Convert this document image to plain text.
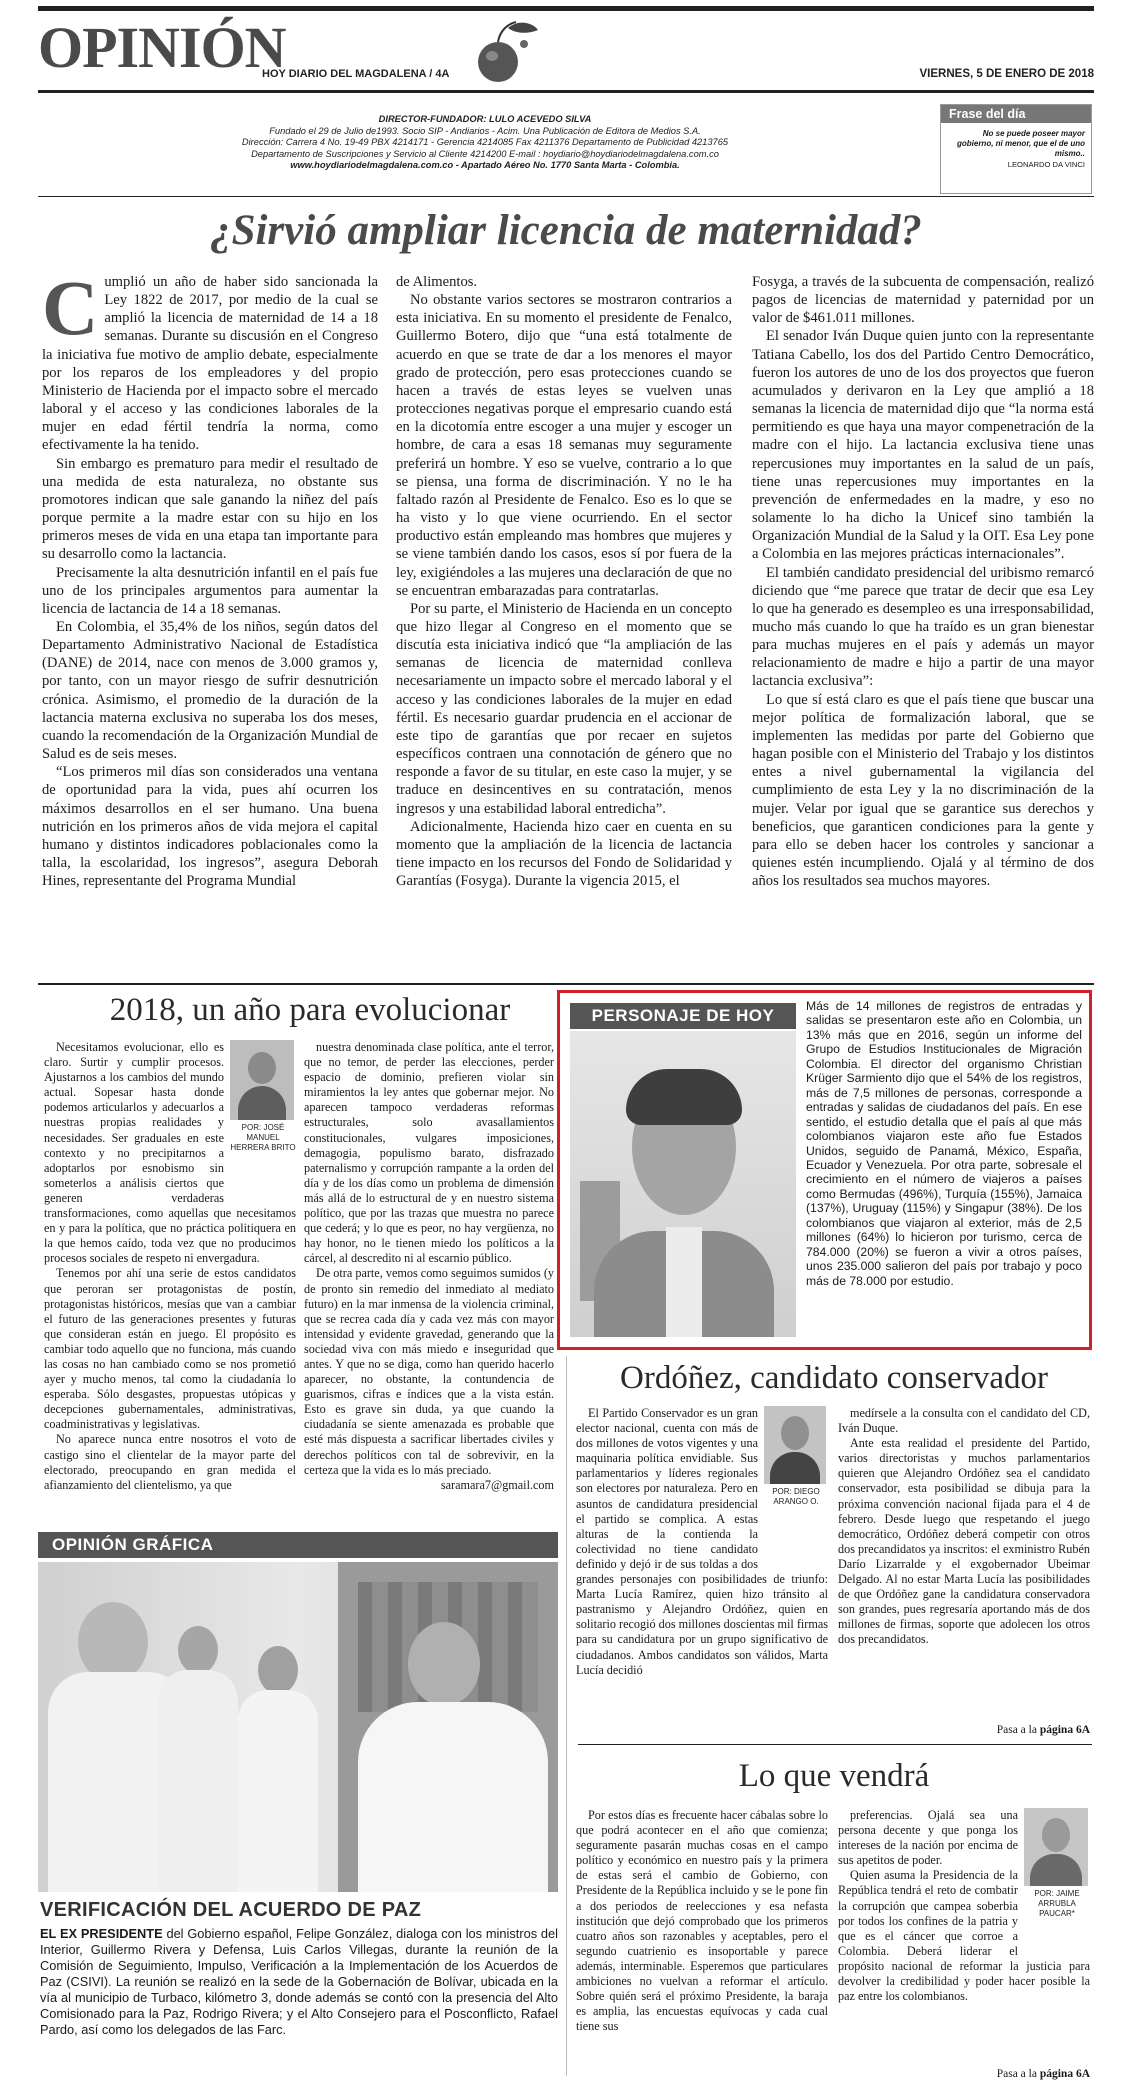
OPINIÓN
HOY DIARIO DEL MAGDALENA / 4A	VIERNES, 5 DE ENERO DE 2018
DIRECTOR-FUNDADOR: LULO ACEVEDO SILVA
Fundado el 29 de Julio de1993. Socio SIP - Andiarios - Acim. Una Publicación de Editora de Medios S.A.
Dirección: Carrera 4 No. 19-49 PBX 4214171 - Gerencia 4214085 Fax 4211376 Departamento de Publicidad 4213765
Departamento de Suscripciones y Servicio al Cliente 4214200 E-mail : hoydiario@hoydiariodelmagdalena.com.co
www.hoydiariodelmagdalena.com.co - Apartado Aéreo No. 1770 Santa Marta - Colombia.
Frase del día
No se puede poseer mayor gobierno, ni menor, que el de uno mismo..
LEONARDO DA VINCI
¿Sirvió ampliar licencia de maternidad?
C umplió un año de haber sido sancionada la Ley 1822 de 2017, por medio de la cual se amplió la licencia de maternidad de 14 a 18 semanas. Durante su discusión en el Congreso la iniciativa fue motivo de amplio debate, especialmente por los reparos de los empleadores y del propio Ministerio de Hacienda por el impacto sobre el mercado laboral y el acceso y las condiciones laborales de la mujer en edad fértil tendría la norma, como efectivamente la ha tenido.

Sin embargo es prematuro para medir el resultado de una medida de esta naturaleza, no obstante sus promotores indican que sale ganando la niñez del país porque permite a la madre estar con su hijo en los primeros meses de vida en una etapa tan importante para su desarrollo como la lactancia.

Precisamente la alta desnutrición infantil en el país fue uno de los principales argumentos para aumentar la licencia de lactancia de 14 a 18 semanas.

En Colombia, el 35,4% de los niños, según datos del Departamento Administrativo Nacional de Estadística (DANE) de 2014, nace con menos de 3.000 gramos y, por tanto, con un mayor riesgo de sufrir desnutrición crónica. Asimismo, el promedio de la duración de la lactancia materna exclusiva no superaba los dos meses, cuando la recomendación de la Organización Mundial de Salud es de seis meses.

“Los primeros mil días son considerados una ventana de oportunidad para la vida, pues ahí ocurren los máximos desarrollos en el ser humano. Una buena nutrición en los primeros años de vida mejora el capital humano y distintos indicadores poblacionales como la talla, la escolaridad, los ingresos”, asegura Deborah Hines, representante del Programa Mundial

de Alimentos.

No obstante varios sectores se mostraron contrarios a esta iniciativa. En su momento el presidente de Fenalco, Guillermo Botero, dijo que “una está totalmente de acuerdo en que se trate de dar a los menores el mayor grado de protección, pero esas protecciones cuando se hacen a través de estas leyes se vuelven unas protecciones negativas porque el empresario cuando está en la dicotomía entre escoger a una mujer y escoger un hombre, de cara a esas 18 semanas muy seguramente preferirá un hombre. Y eso se vuelve, contrario a lo que se piensa, una forma de discriminación. Y no le ha faltado razón al Presidente de Fenalco. Eso es lo que se ha visto y lo que viene ocurriendo. En el sector productivo están empleando mas hombres que mujeres y se viene también dando los casos, esos sí por fuera de la ley, exigiéndoles a las mujeres una declaración de que no se encuentran embarazadas para contratarlas.

Por su parte, el Ministerio de Hacienda en un concepto que hizo llegar al Congreso en el momento que se discutía esta iniciativa indicó que “la ampliación de las semanas de licencia de maternidad conlleva necesariamente un impacto sobre el mercado laboral y el acceso y las condiciones laborales de la mujer en edad fértil. Es necesario guardar prudencia en el accionar de este tipo de garantías que por recaer en sujetos específicos contraen una connotación de género que no responde a favor de su titular, en este caso la mujer, y se traduce en desincentives en su contratación, menos ingresos y una estabilidad laboral entredicha”.

Adicionalmente, Hacienda hizo caer en cuenta en su momento que la ampliación de la licencia de lactancia tiene impacto en los recursos del Fondo de Solidaridad y Garantías (Fosyga). Durante la vigencia 2015, el

Fosyga, a través de la subcuenta de compensación, realizó pagos de licencias de maternidad y paternidad por un valor de $461.011 millones.

El senador Iván Duque quien junto con la representante Tatiana Cabello, los dos del Partido Centro Democrático, fueron los autores de uno de los dos proyectos que fueron acumulados y derivaron en la Ley que amplió a 18 semanas la licencia de maternidad dijo que “la norma está permitiendo es que haya una mayor compenetración de la madre con el hijo. La lactancia exclusiva tiene unas repercusiones muy importantes en la salud de un país, tiene unas repercusiones muy importantes en la prevención de enfermedades en la madre, y eso no solamente lo ha dicho la Unicef sino también la Organización Mundial de la Salud y la OIT. Esa Ley pone a Colombia en las mejores prácticas internacionales”.

El también candidato presidencial del uribismo remarcó diciendo que “me parece que tratar de decir que esa Ley lo que ha generado es desempleo es una irresponsabilidad, mucho más cuando lo que ha traído es un gran bienestar para muchas mujeres en el país y además un mayor relacionamiento de madre e hijo a partir de una mayor lactancia exclusiva”:

Lo que sí está claro es que el país tiene que buscar una mejor política de formalización laboral, que se implementen las medidas por parte del Gobierno que hagan posible con el Ministerio del Trabajo y los distintos entes a nivel gubernamental la vigilancia del cumplimiento de esta Ley y la no discriminación de la mujer. Velar por igual que se garantice sus derechos y beneficios, que garanticen condiciones para la gente y para ello se deben hacer los controles y sancionar a quienes estén incumpliendo. Ojalá y al término de dos años los resultados sea muchos mayores.

2018, un año para evolucionar
POR: JOSÉ MANUEL HERRERA BRITO

Necesitamos evolucionar, ello es claro. Surtir y cumplir procesos. Ajustarnos a los cambios del mundo actual. Sopesar hasta donde podemos articularlos y adecuarlos a nuestras propias realidades y necesidades. Ser graduales en este contexto y no precipitarnos a adoptarlos por esnobismo sin someterlos a análisis ciertos que generen verdaderas transformaciones, como aquellas que necesitamos en y para la política, que no práctica politiquera en la que hemos caído, toda vez que no producimos procesos sociales de respeto ni envergadura.

Tenemos por ahí una serie de estos candidatos que peroran ser protagonistas de postín, protagonistas históricos, mesías que van a cambiar el futuro de las generaciones presentes y futuras que consideran están en juego. El propósito es cambiar todo aquello que no funciona, más cuando las cosas no han cambiado como se nos prometió ayer y mucho menos, tal como la ciudadanía lo esperaba. Sólo desgastes, propuestas utópicas y decepciones gubernamentales, administrativas, coadministrativas y legislativas.

No aparece nunca entre nosotros el voto de castigo sino el clientelar de la mayor parte del electorado, preocupando en gran medida el afianzamiento del clientelismo, ya que

nuestra denominada clase política, ante el terror, que no temor, de perder las elecciones, perder espacio de dominio, prefieren violar sin miramientos la ley antes que gobernar mejor. No aparecen tampoco verdaderas reformas estructurales, solo avasallamientos constitucionales, vulgares imposiciones, demagogia, populismo barato, disfrazado paternalismo y corrupción rampante a la orden del día y de los días como un problema de dimensión más allá de lo estructural de y en nuestro sistema político, que por las trazas que muestra no parece que cederá; y lo que es peor, no hay vergüenza, no hay honor, no le tienen miedo los políticos a la cárcel, al descredito ni al escarnio público.

De otra parte, vemos como seguimos sumidos (y de pronto sin remedio del inmediato al mediato futuro) en la mar inmensa de la violencia criminal, que se recrea cada día y cada vez más con mayor intensidad y evidente gravedad, generando que la sociedad viva con más miedo e inseguridad que antes. Y que no se diga, como han querido hacerlo aparecer, no obstante, la contundencia de guarismos, cifras e índices que a la vista están. Esto es grave sin duda, ya que cuando la ciudadanía se siente amenazada es probable que esté más dispuesta a sacrificar libertades civiles y derechos políticos con tal de sobrevivir, en la certeza que la vida es lo más preciado.

saramara7@gmail.com

PERSONAJE DE HOY	Más de 14 millones de registros de entradas y salidas se presentaron este año en Colombia, un 13% más que en 2016, según un informe del Grupo de Estudios Institucionales de Migración Colombia. El director del organismo Christian Krüger Sarmiento dijo que el 54% de los registros, más de 7,5 millones de personas, corresponde a entradas y salidas de ciudadanos del país. En ese sentido, el estudio detalla que el país al que más colombianos viajaron este año fue Estados Unidos, seguido de Panamá, México, España, Ecuador y Venezuela. Por otra parte, sobresale el crecimiento en el número de viajeros a países como Bermudas (496%), Turquía (155%), Jamaica (137%), Uruguay (115%) y Singapur (38%). De los colombianos que viajaron al exterior, más de 2,5 millones (64%) lo hicieron por turismo, cerca de 784.000 (20%) se fueron a vivir a otros países, unos 235.000 salieron del país por trabajo y poco más de 78.000 por estudio.
Ordóñez, candidato conservador
POR: DIEGO ARANGO O.

El Partido Conservador es un gran elector nacional, cuenta con más de dos millones de votos vigentes y una maquinaria política envidiable. Sus parlamentarios y líderes regionales son electores por naturaleza. Pero en asuntos de candidatura presidencial el partido se complica. A estas alturas de la contienda la colectividad no tiene candidato definido y dejó ir de sus toldas a dos grandes personajes con posibilidades de triunfo: Marta Lucía Ramírez, quien hizo tránsito al pastranismo y Alejandro Ordóñez, quien en solitario recogió dos millones doscientas mil firmas para su candidatura por un grupo significativo de ciudadanos. Ambos candidatos son válidos, Marta Lucía decidió

medírsele a la consulta con el candidato del CD, Iván Duque.

Ante esta realidad el presidente del Partido, varios directoristas y muchos parlamentarios quieren que Alejandro Ordóñez sea el candidato conservador, esta posibilidad se dibuja para la próxima convención nacional fijada para el 4 de febrero. Desde luego que respetando el juego democrático, Ordóñez deberá competir con otros dos precandidatos ya inscritos: el exministro Rubén Darío Lizarralde y el exgobernador Ubeimar Delgado. Al no estar Marta Lucía las posibilidades de que Ordóñez gane la candidatura conservadora son grandes, pues regresaría aportando más de dos millones de firmas, soporte que adolecen los otros dos precandidatos.

Pasa a la página 6A
Lo que vendrá

Por estos días es frecuente hacer cábalas sobre lo que podrá acontecer en el año que comienza; seguramente pasarán muchas cosas en el campo político y económico en nuestro país y la primera de estas será el cambio de Gobierno, con Presidente de la República incluido y se le pone fin a dos periodos de reelecciones y esa nefasta institución que dejó comprobado que los primeros cuatro años son razonables y aceptables, pero el segundo cuatrienio es insoportable y parece además, interminable. Esperemos que particulares ambiciones no vuelvan a reformar el artículo. Sobre quién será el próximo Presidente, la baraja es amplia, las encuestas equívocas y cada cual tiene sus

POR: JAIME ARRUBLA PAUCAR*

preferencias. Ojalá sea una persona decente y que ponga los intereses de la nación por encima de sus apetitos de poder.

Quien asuma la Presidencia de la República tendrá el reto de combatir la corrupción que campea soberbia por todos los confines de la patria y que es el cáncer que corroe a Colombia. Deberá liderar el propósito nacional de reformar la justicia para devolver la credibilidad y poder hacer posible la paz entre los colombianos.

Pasa a la página 6A
OPINIÓN GRÁFICA
VERIFICACIÓN DEL ACUERDO DE PAZ
EL EX PRESIDENTE del Gobierno español, Felipe González, dialoga con los ministros del Interior, Guillermo Rivera y Defensa, Luis Carlos Villegas, durante la reunión de la Comisión de Seguimiento, Impulso, Verificación a la Implementación de los Acuerdos de Paz (CSIVI). La reunión se realizó en la sede de la Gobernación de Bolívar, ubicada en la vía al municipio de Turbaco, kilómetro 3, donde además se contó con la presencia del Alto Comisionado para la Paz, Rodrigo Rivera; y el Alto Consejero para el Posconflicto, Rafael Pardo, así como los delegados de las Farc.
